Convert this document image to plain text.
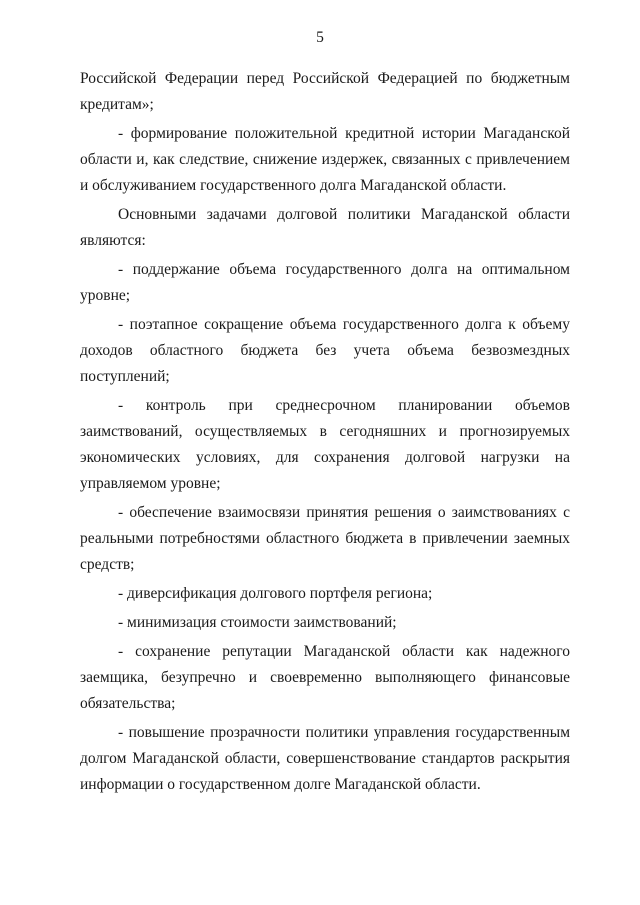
5

Российской Федерации перед Российской Федерацией по бюджетным кредитам»;

- формирование положительной кредитной истории Магаданской области и, как следствие, снижение издержек, связанных с привлечением и обслуживанием государственного долга Магаданской области.

Основными задачами долговой политики Магаданской области являются:

- поддержание объема государственного долга на оптимальном уровне;

- поэтапное сокращение объема государственного долга к объему доходов областного бюджета без учета объема безвозмездных поступлений;

- контроль при среднесрочном планировании объемов заимствований, осуществляемых в сегодняшних и прогнозируемых экономических условиях, для сохранения долговой нагрузки на управляемом уровне;

- обеспечение взаимосвязи принятия решения о заимствованиях с реальными потребностями областного бюджета в привлечении заемных средств;

- диверсификация долгового портфеля региона;

- минимизация стоимости заимствований;

- сохранение репутации Магаданской области как надежного заемщика, безупречно и своевременно выполняющего финансовые обязательства;

- повышение прозрачности политики управления государственным долгом Магаданской области, совершенствование стандартов раскрытия информации о государственном долге Магаданской области.
